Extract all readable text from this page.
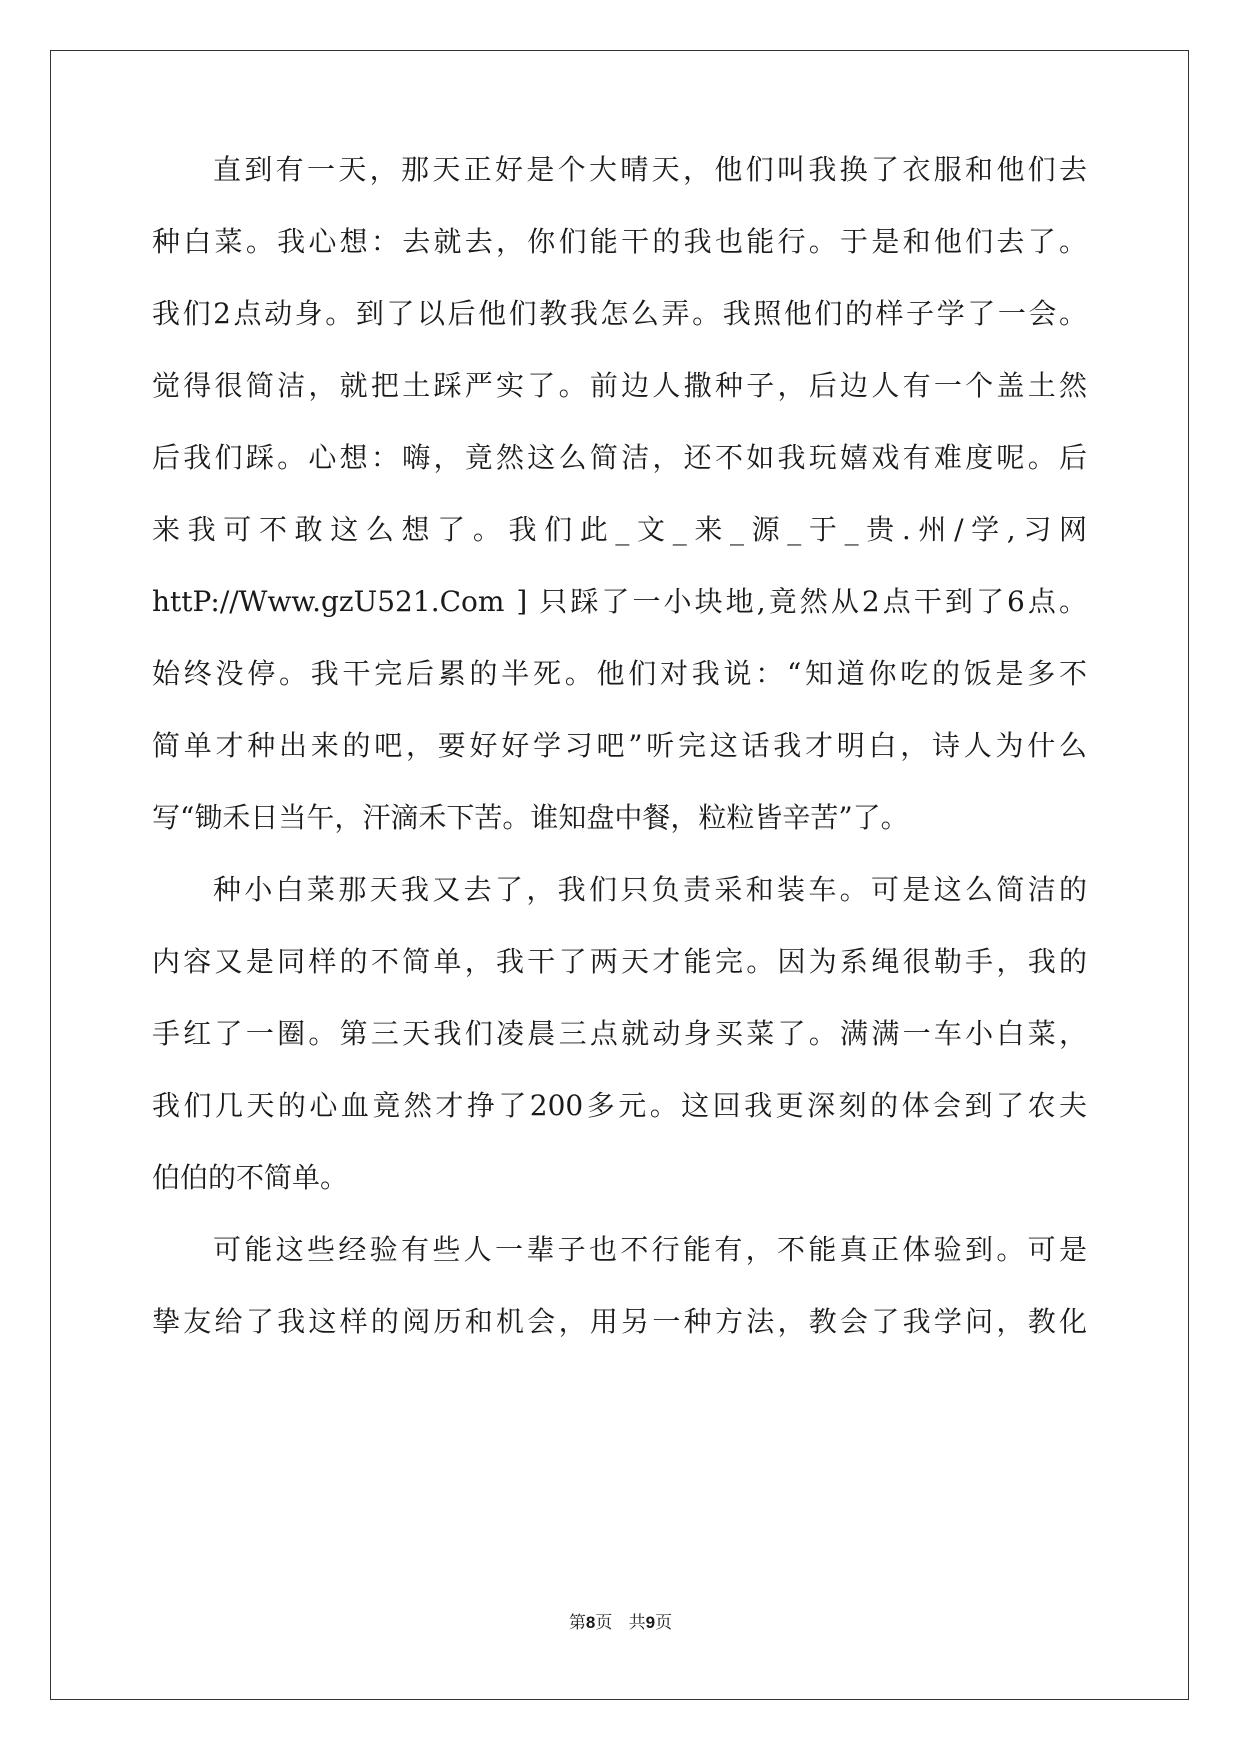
直到有一天，那天正好是个大晴天，他们叫我换了衣服和他们去
种白菜。我心想：去就去，你们能干的我也能行。于是和他们去了。
我们2点动身。到了以后他们教我怎么弄。我照他们的样子学了一会。
觉得很简洁，就把土踩严实了。前边人撒种子，后边人有一个盖土然
后我们踩。心想：嗨，竟然这么简洁，还不如我玩嬉戏有难度呢。后
来我可不敢这么想了。我们此_文_来_源_于_贵.州/学,习网
httP://Www.gzU521.Com ] 只踩了一小块地,竟然从2点干到了6点。
始终没停。我干完后累的半死。他们对我说：“知道你吃的饭是多不
简单才种出来的吧，要好好学习吧”听完这话我才明白，诗人为什么
写“锄禾日当午，汗滴禾下苦。谁知盘中餐，粒粒皆辛苦”了。
种小白菜那天我又去了，我们只负责采和装车。可是这么简洁的
内容又是同样的不简单，我干了两天才能完。因为系绳很勒手，我的
手红了一圈。第三天我们凌晨三点就动身买菜了。满满一车小白菜，
我们几天的心血竟然才挣了200多元。这回我更深刻的体会到了农夫
伯伯的不简单。
可能这些经验有些人一辈子也不行能有，不能真正体验到。可是
挚友给了我这样的阅历和机会，用另一种方法，教会了我学问，教化
第8页 共9页
